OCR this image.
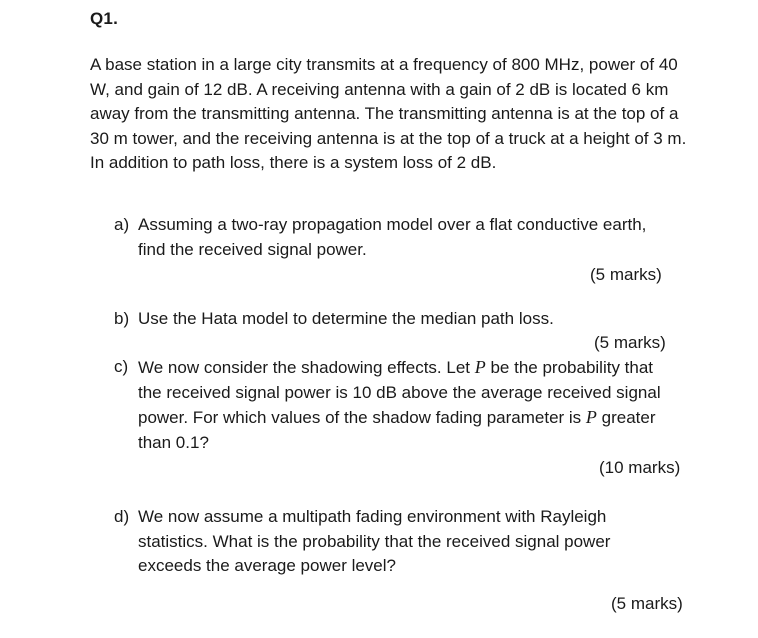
Q1.
A base station in a large city transmits at a frequency of 800 MHz, power of 40 W, and gain of 12 dB. A receiving antenna with a gain of 2 dB is located 6 km away from the transmitting antenna. The transmitting antenna is at the top of a 30 m tower, and the receiving antenna is at the top of a truck at a height of 3 m. In addition to path loss, there is a system loss of 2 dB.
a) Assuming a two-ray propagation model over a flat conductive earth, find the received signal power.
(5 marks)
b) Use the Hata model to determine the median path loss.
(5 marks)
c) We now consider the shadowing effects. Let P be the probability that the received signal power is 10 dB above the average received signal power. For which values of the shadow fading parameter is P greater than 0.1?
(10 marks)
d) We now assume a multipath fading environment with Rayleigh statistics. What is the probability that the received signal power exceeds the average power level?
(5 marks)
